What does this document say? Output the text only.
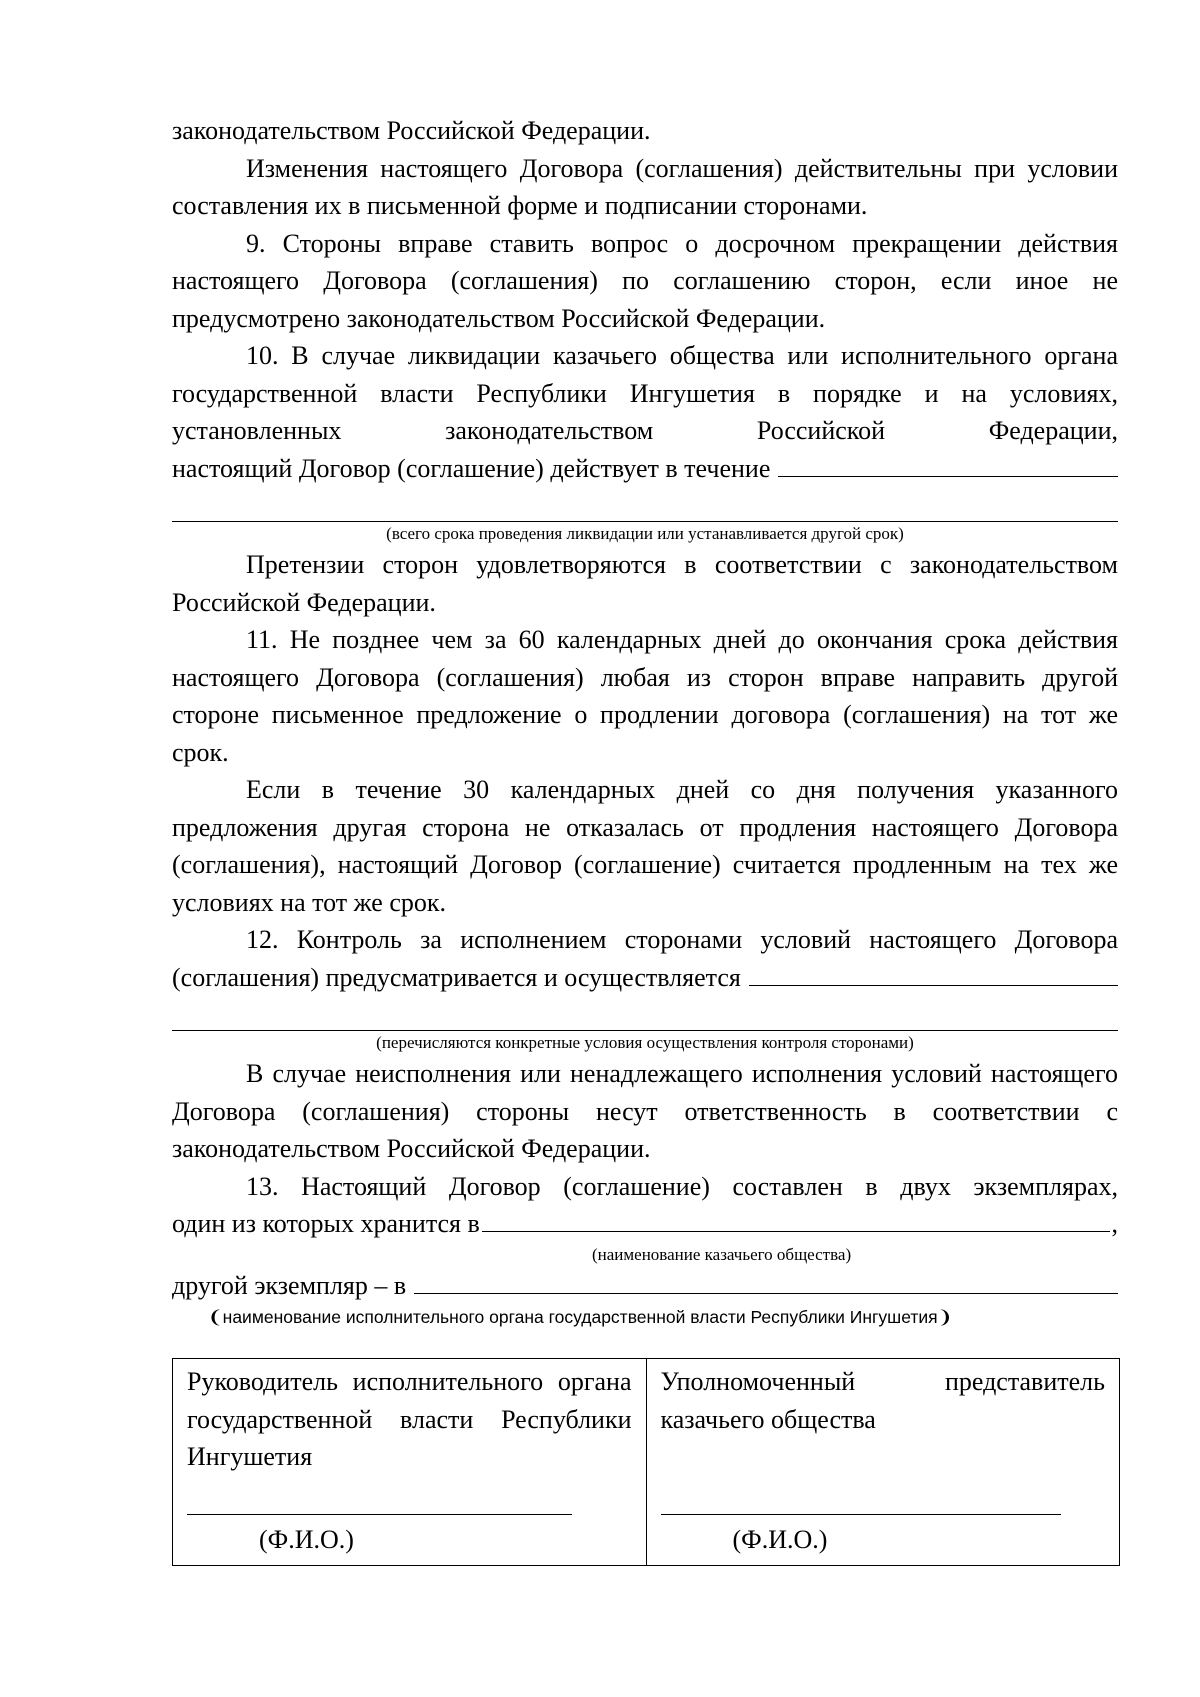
законодательством Российской Федерации.

Изменения настоящего Договора (соглашения) действительны при условии составления их в письменной форме и подписании сторонами.

9. Стороны вправе ставить вопрос о досрочном прекращении действия настоящего Договора (соглашения) по соглашению сторон, если иное не предусмотрено законодательством Российской Федерации.

10. В случае ликвидации казачьего общества или исполнительного органа государственной власти Республики Ингушетия в порядке и на условиях, установленных законодательством Российской Федерации,

настоящий Договор (соглашение) действует в течение
(всего срока проведения ликвидации или устанавливается другой срок)

Претензии сторон удовлетворяются в соответствии с законодательством Российской Федерации.

11. Не позднее чем за 60 календарных дней до окончания срока действия настоящего Договора (соглашения) любая из сторон вправе направить другой стороне письменное предложение о продлении договора (соглашения) на тот же срок.

Если в течение 30 календарных дней со дня получения указанного предложения другая сторона не отказалась от продления настоящего Договора (соглашения), настоящий Договор (соглашение) считается продленным на тех же условиях на тот же срок.

12. Контроль за исполнением сторонами условий настоящего Договора

(соглашения) предусматривается и осуществляется
(перечисляются конкретные условия осуществления контроля сторонами)

В случае неисполнения или ненадлежащего исполнения условий настоящего Договора (соглашения) стороны несут ответственность в соответствии с законодательством Российской Федерации.

13. Настоящий Договор (соглашение) составлен в двух экземплярах,

один из которых хранится в	,
(наименование казачьего общества)
другой экземпляр – в
❨наименование исполнительного органа государственной власти Республики Ингушетия❩
Руководитель исполнительного органа государственной власти Республики Ингушетия
(Ф.И.О.)

Уполномоченный представитель казачьего общества
(Ф.И.О.)
